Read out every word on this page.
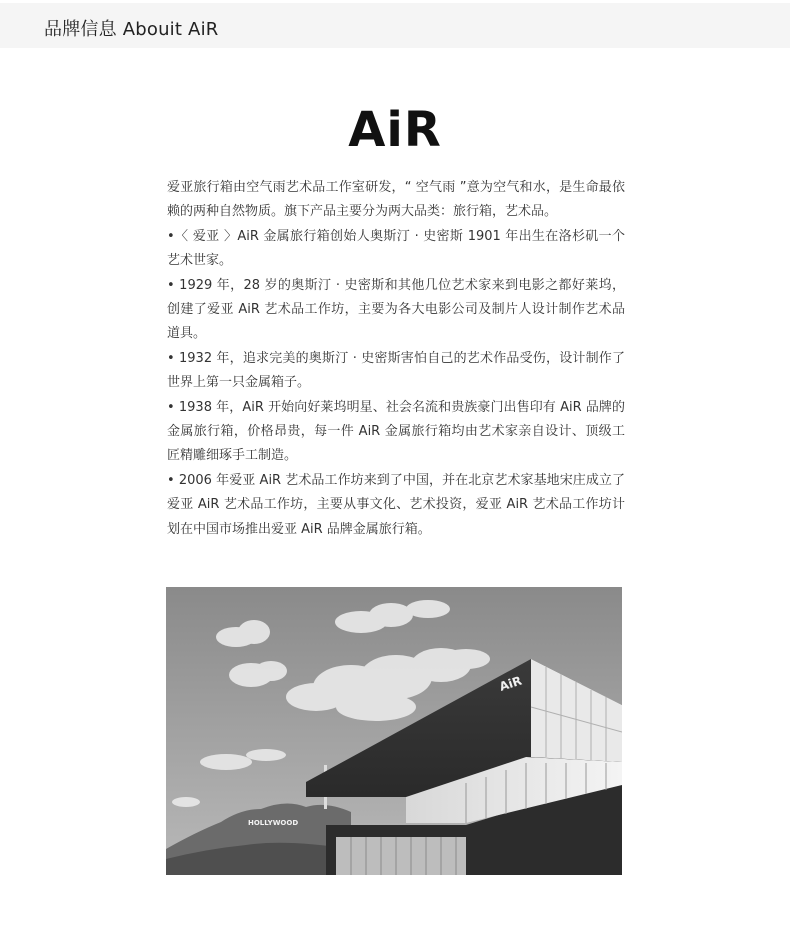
品牌信息 Abouit AiR
AiR

爱亚旅行箱由空气雨艺术品工作室研发，“ 空气雨 ”意为空气和水，是生命最依赖的两种自然物质。旗下产品主要分为两大品类：旅行箱，艺术品。

•〈 爱亚 〉AiR 金属旅行箱创始人奥斯汀 · 史密斯 1901 年出生在洛杉矶一个艺术世家。

• 1929 年，28 岁的奥斯汀 · 史密斯和其他几位艺术家来到电影之都好莱坞，创建了爱亚 AiR 艺术品工作坊，主要为各大电影公司及制片人设计制作艺术品道具。

• 1932 年，追求完美的奥斯汀 · 史密斯害怕自己的艺术作品受伤，设计制作了世界上第一只金属箱子。

• 1938 年，AiR 开始向好莱坞明星、社会名流和贵族豪门出售印有 AiR 品牌的金属旅行箱，价格昂贵，每一件 AiR 金属旅行箱均由艺术家亲自设计、顶级工匠精雕细琢手工制造。

• 2006 年爱亚 AiR 艺术品工作坊来到了中国，并在北京艺术家基地宋庄成立了爱亚 AiR 艺术品工作坊，主要从事文化、艺术投资，爱亚 AiR 艺术品工作坊计划在中国市场推出爱亚 AiR 品牌金属旅行箱。

HOLLYWOOD
AiR
